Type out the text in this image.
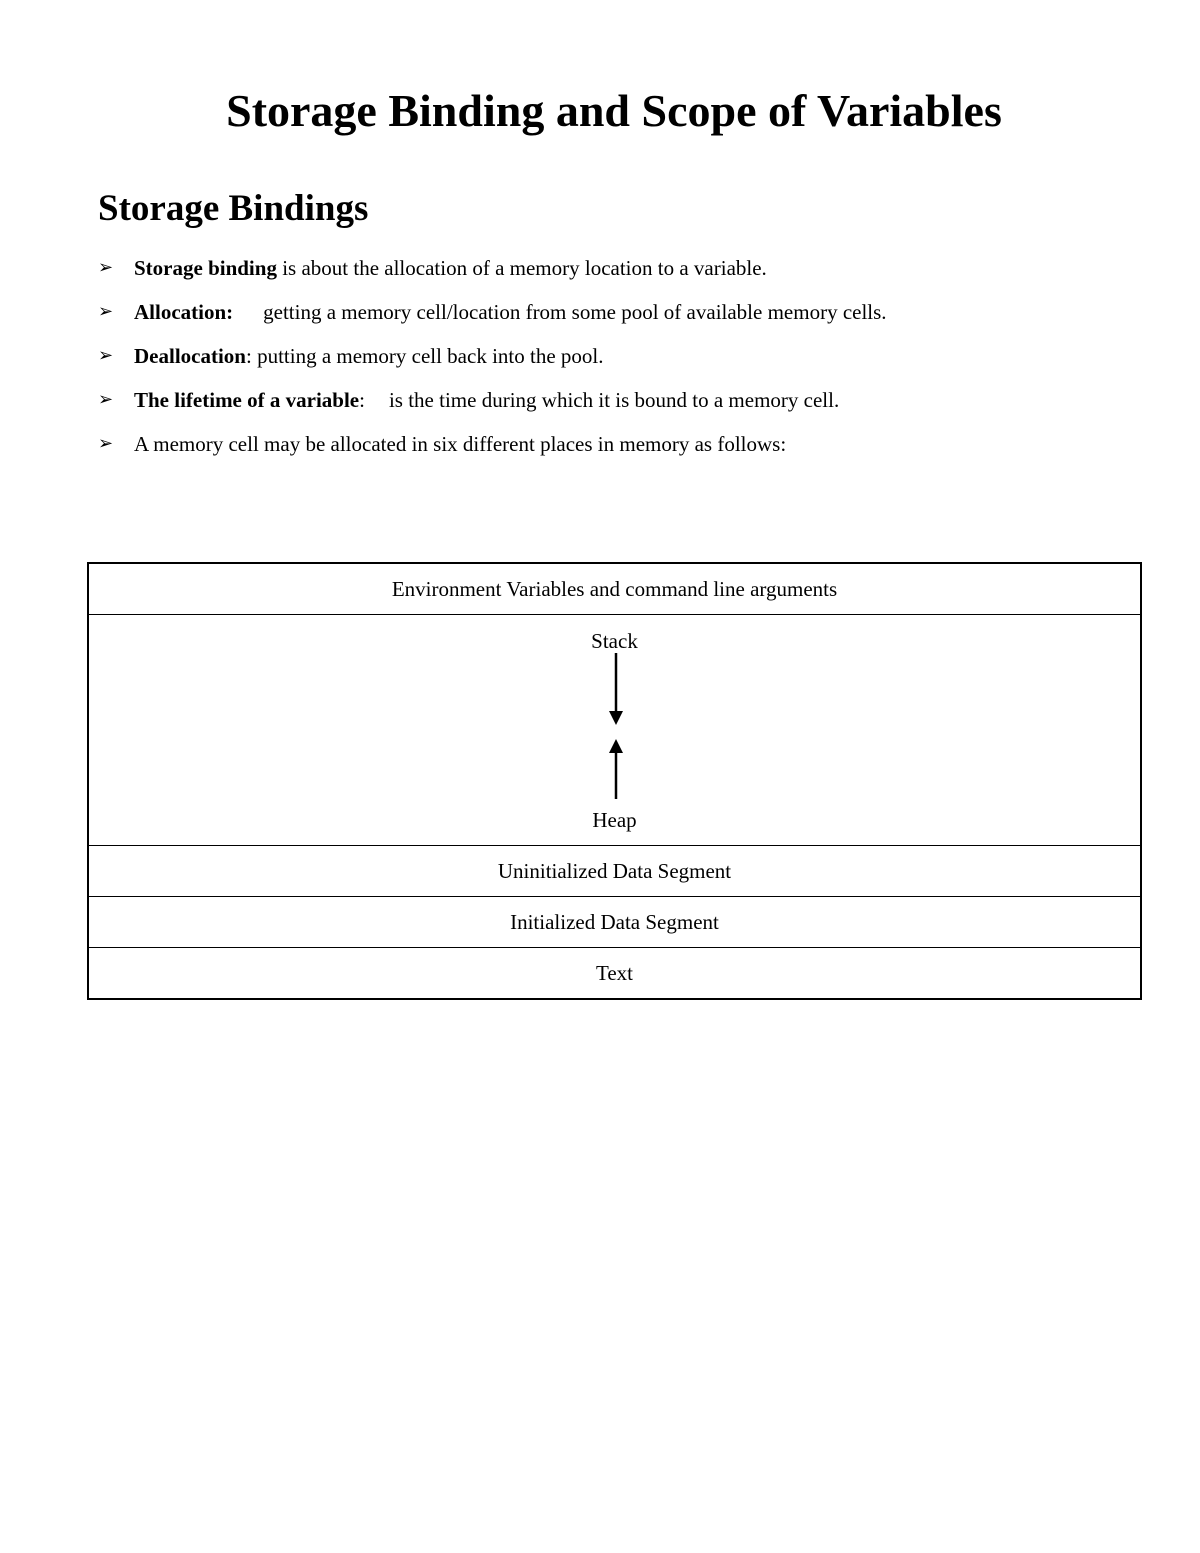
Storage Binding and Scope of Variables
Storage Bindings
➢ Storage binding is about the allocation of a memory location to a variable.
➢ Allocation: getting a memory cell/location from some pool of available memory cells.
➢ Deallocation: putting a memory cell back into the pool.
➢ The lifetime of a variable: is the time during which it is bound to a memory cell.
➢ A memory cell may be allocated in six different places in memory as follows:
Environment Variables and command line arguments
Stack
Heap
Uninitialized Data Segment
Initialized Data Segment
Text
